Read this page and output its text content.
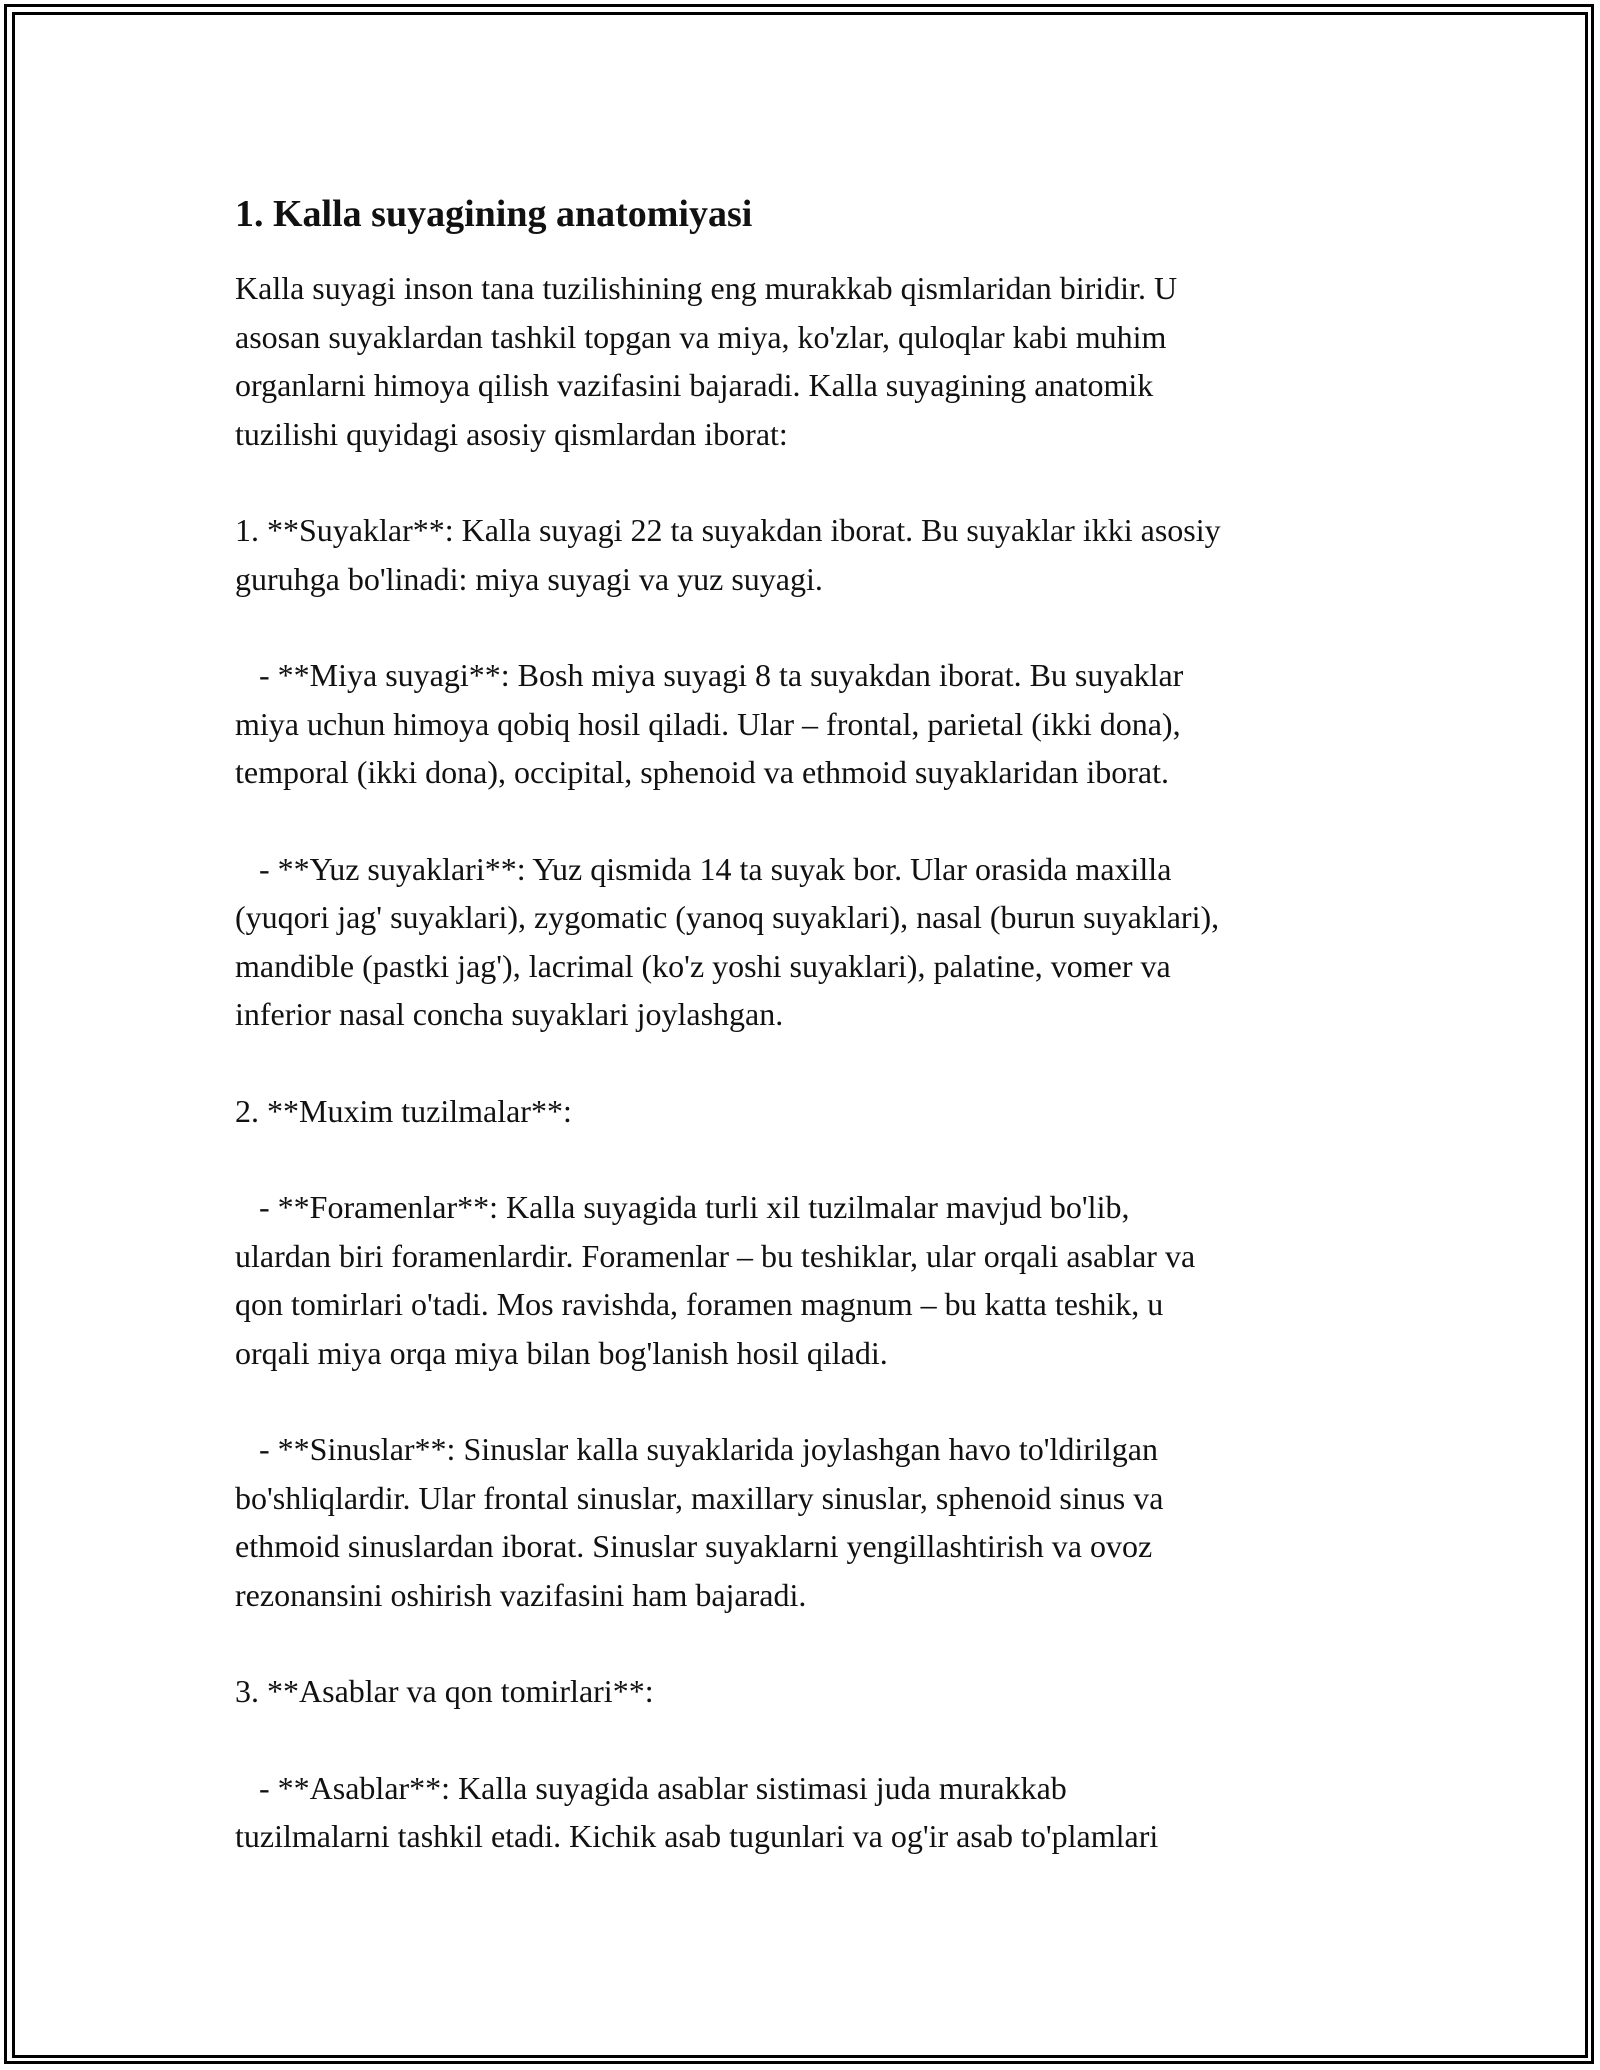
1. Kalla suyagining anatomiyasi

Kalla suyagi inson tana tuzilishining eng murakkab qismlaridan biridir. U
asosan suyaklardan tashkil topgan va miya, ko'zlar, quloqlar kabi muhim
organlarni himoya qilish vazifasini bajaradi. Kalla suyagining anatomik
tuzilishi quyidagi asosiy qismlardan iborat:

1. **Suyaklar**: Kalla suyagi 22 ta suyakdan iborat. Bu suyaklar ikki asosiy
guruhga bo'linadi: miya suyagi va yuz suyagi.

- **Miya suyagi**: Bosh miya suyagi 8 ta suyakdan iborat. Bu suyaklar
miya uchun himoya qobiq hosil qiladi. Ular – frontal, parietal (ikki dona),
temporal (ikki dona), occipital, sphenoid va ethmoid suyaklaridan iborat.

- **Yuz suyaklari**: Yuz qismida 14 ta suyak bor. Ular orasida maxilla
(yuqori jag' suyaklari), zygomatic (yanoq suyaklari), nasal (burun suyaklari),
mandible (pastki jag'), lacrimal (ko'z yoshi suyaklari), palatine, vomer va
inferior nasal concha suyaklari joylashgan.

2. **Muxim tuzilmalar**:

- **Foramenlar**: Kalla suyagida turli xil tuzilmalar mavjud bo'lib,
ulardan biri foramenlardir. Foramenlar – bu teshiklar, ular orqali asablar va
qon tomirlari o'tadi. Mos ravishda, foramen magnum – bu katta teshik, u
orqali miya orqa miya bilan bog'lanish hosil qiladi.

- **Sinuslar**: Sinuslar kalla suyaklarida joylashgan havo to'ldirilgan
bo'shliqlardir. Ular frontal sinuslar, maxillary sinuslar, sphenoid sinus va
ethmoid sinuslardan iborat. Sinuslar suyaklarni yengillashtirish va ovoz
rezonansini oshirish vazifasini ham bajaradi.

3. **Asablar va qon tomirlari**:

- **Asablar**: Kalla suyagida asablar sistimasi juda murakkab
tuzilmalarni tashkil etadi. Kichik asab tugunlari va og'ir asab to'plamlari
